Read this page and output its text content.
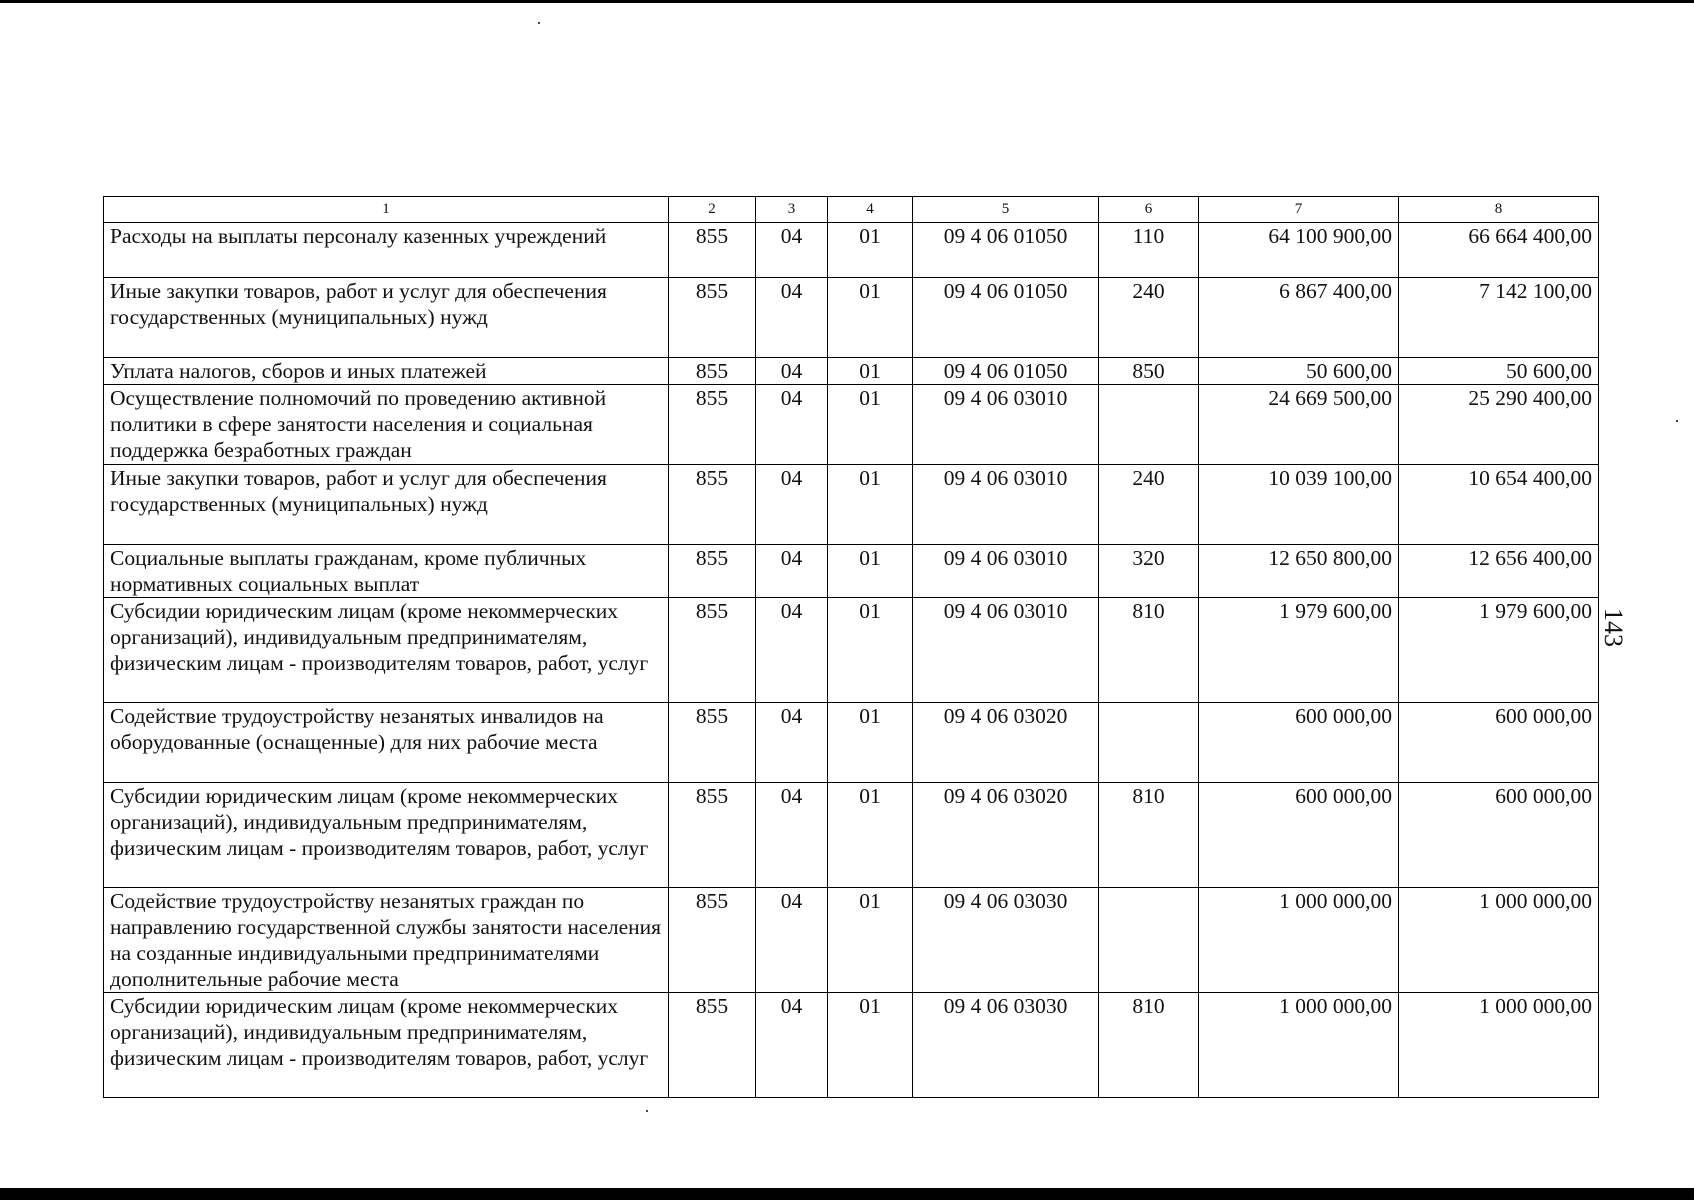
1	2	3	4	5	6	7	8
Расходы на выплаты персоналу казенных учреждений	855	04	01	09 4 06 01050	110	64 100 900,00	66 664 400,00
Иные закупки товаров, работ и услуг для обеспечения государственных (муниципальных) нужд	855	04	01	09 4 06 01050	240	6 867 400,00	7 142 100,00
Уплата налогов, сборов и иных платежей	855	04	01	09 4 06 01050	850	50 600,00	50 600,00
Осуществление полномочий по проведению активной политики в сфере занятости населения и социальная поддержка безработных граждан	855	04	01	09 4 06 03010		24 669 500,00	25 290 400,00
Иные закупки товаров, работ и услуг для обеспечения государственных (муниципальных) нужд	855	04	01	09 4 06 03010	240	10 039 100,00	10 654 400,00
Социальные выплаты гражданам, кроме публичных нормативных социальных выплат	855	04	01	09 4 06 03010	320	12 650 800,00	12 656 400,00
Субсидии юридическим лицам (кроме некоммерческих организаций), индивидуальным предпринимателям, физическим лицам - производителям товаров, работ, услуг	855	04	01	09 4 06 03010	810	1 979 600,00	1 979 600,00
Содействие трудоустройству незанятых инвалидов на оборудованные (оснащенные) для них рабочие места	855	04	01	09 4 06 03020		600 000,00	600 000,00
Субсидии юридическим лицам (кроме некоммерческих организаций), индивидуальным предпринимателям, физическим лицам - производителям товаров, работ, услуг	855	04	01	09 4 06 03020	810	600 000,00	600 000,00
Содействие трудоустройству незанятых граждан по направлению государственной службы занятости населения на созданные индивидуальными предпринимателями дополнительные рабочие места	855	04	01	09 4 06 03030		1 000 000,00	1 000 000,00
Субсидии юридическим лицам (кроме некоммерческих организаций), индивидуальным предпринимателям, физическим лицам - производителям товаров, работ, услуг	855	04	01	09 4 06 03030	810	1 000 000,00	1 000 000,00
143
